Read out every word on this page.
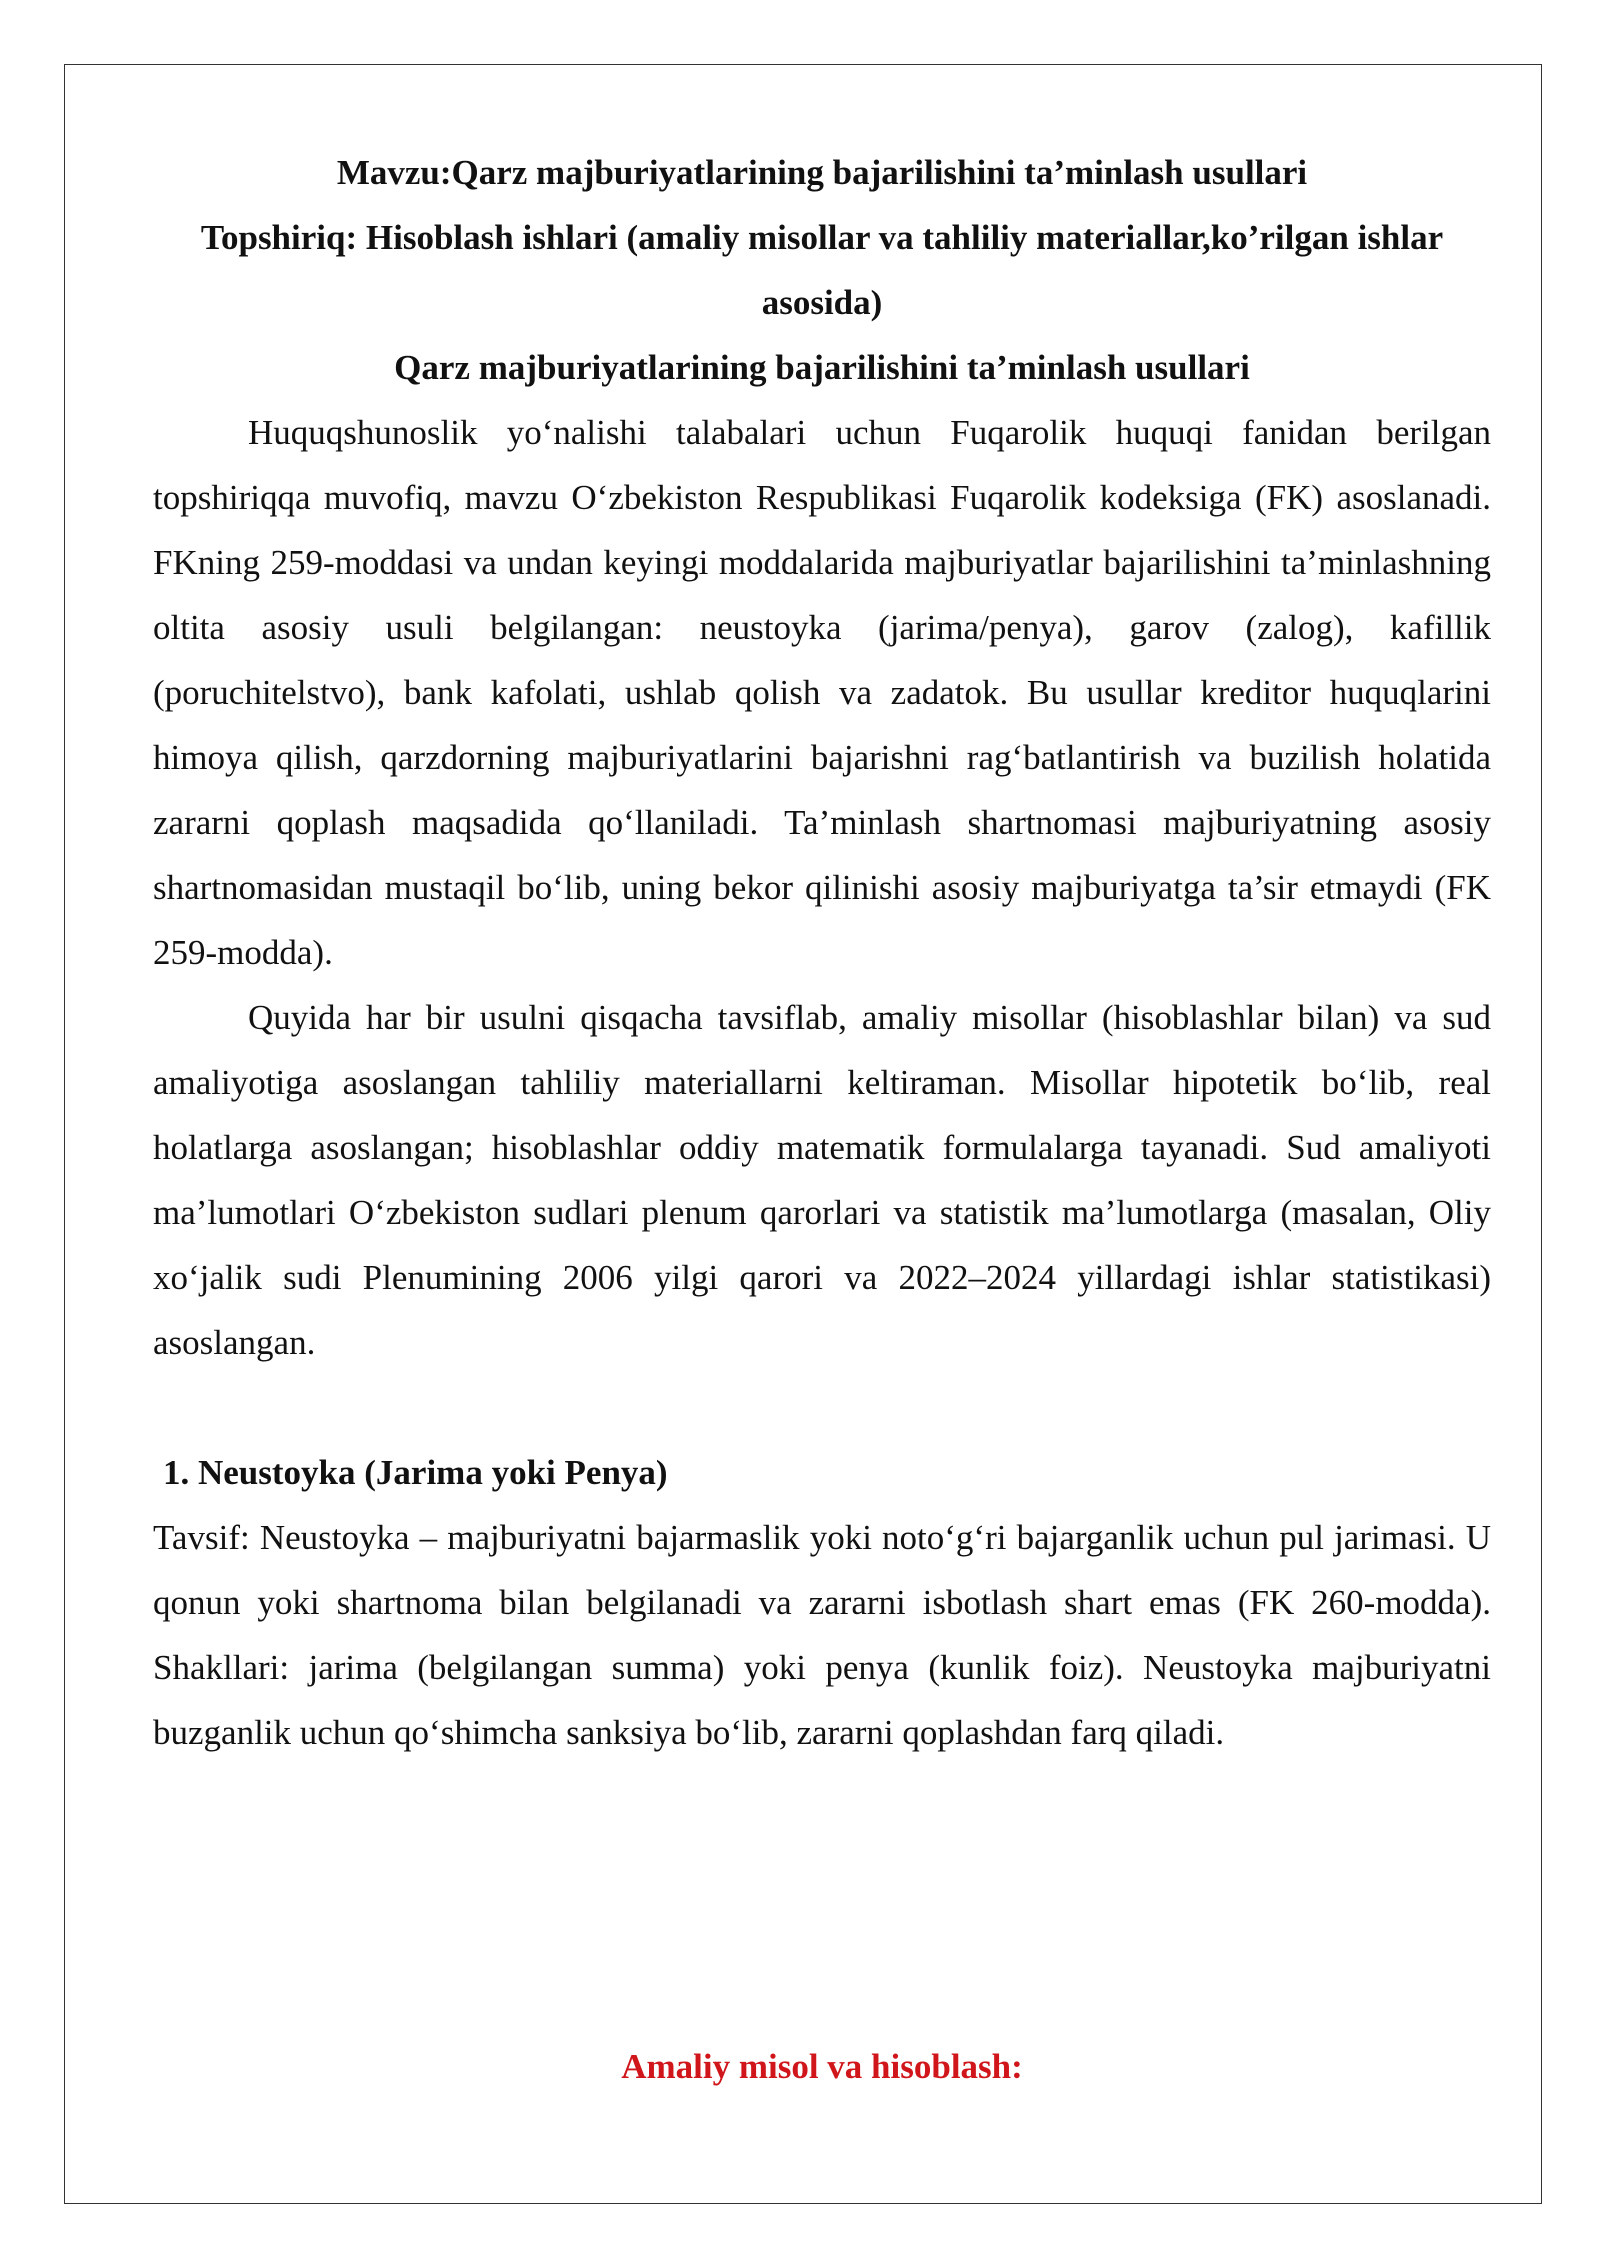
Mavzu:Qarz majburiyatlarining bajarilishini ta’minlash usullari

Topshiriq: Hisoblash ishlari (amaliy misollar va tahliliy materiallar,ko’rilgan ishlar asosida)

Qarz majburiyatlarining bajarilishini ta’minlash usullari

Huquqshunoslik yo‘nalishi talabalari uchun Fuqarolik huquqi fanidan berilgan topshiriqqa muvofiq, mavzu O‘zbekiston Respublikasi Fuqarolik kodeksiga (FK) asoslanadi. FKning 259-moddasi va undan keyingi moddalarida majburiyatlar bajarilishini ta’minlashning oltita asosiy usuli belgilangan: neustoyka (jarima/penya), garov (zalog), kafillik (poruchitelstvo), bank kafolati, ushlab qolish va zadatok. Bu usullar kreditor huquqlarini himoya qilish, qarzdorning majburiyatlarini bajarishni rag‘batlantirish va buzilish holatida zararni qoplash maqsadida qo‘llaniladi. Ta’minlash shartnomasi majburiyatning asosiy shartnomasidan mustaqil bo‘lib, uning bekor qilinishi asosiy majburiyatga ta’sir etmaydi (FK 259-modda).

Quyida har bir usulni qisqacha tavsiflab, amaliy misollar (hisoblashlar bilan) va sud amaliyotiga asoslangan tahliliy materiallarni keltiraman. Misollar hipotetik bo‘lib, real holatlarga asoslangan; hisoblashlar oddiy matematik formulalarga tayanadi. Sud amaliyoti ma’lumotlari O‘zbekiston sudlari plenum qarorlari va statistik ma’lumotlarga (masalan, Oliy xo‘jalik sudi Plenumining 2006 yilgi qarori va 2022–2024 yillardagi ishlar statistikasi) asoslangan.

1. Neustoyka (Jarima yoki Penya)

Tavsif: Neustoyka – majburiyatni bajarmaslik yoki noto‘g‘ri bajarganlik uchun pul jarimasi. U qonun yoki shartnoma bilan belgilanadi va zararni isbotlash shart emas (FK 260-modda). Shakllari: jarima (belgilangan summa) yoki penya (kunlik foiz). Neustoyka majburiyatni buzganlik uchun qo‘shimcha sanksiya bo‘lib, zararni qoplashdan farq qiladi.

Amaliy misol va hisoblash:
